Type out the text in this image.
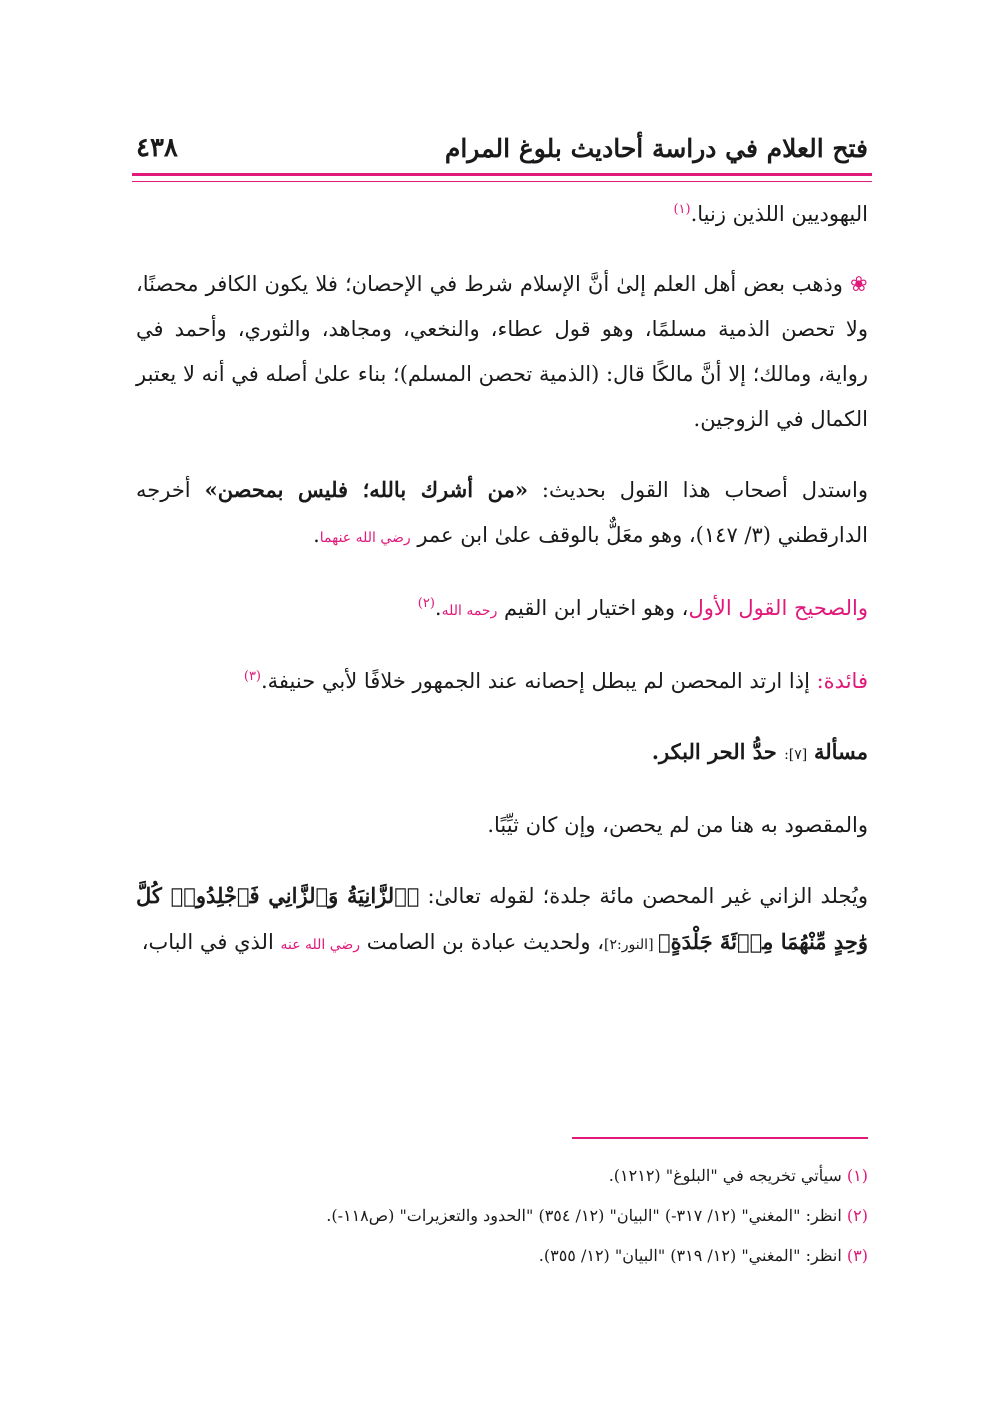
٤٣٨	فتح العلام في دراسة أحاديث بلوغ المرام

اليهوديين اللذين زنيا.$^{(١)}$

❀ وذهب بعض أهل العلم إلىٰ أنَّ الإسلام شرط في الإحصان؛ فلا يكون الكافر محصنًا، ولا تحصن الذمية مسلمًا، وهو قول عطاء، والنخعي، ومجاهد، والثوري، وأحمد في رواية، ومالك؛ إلا أنَّ مالكًا قال: (الذمية تحصن المسلم)؛ بناء علىٰ أصله في أنه لا يعتبر الكمال في الزوجين.

واستدل أصحاب هذا القول بحديث: «من أشرك بالله؛ فليس بمحصن» أخرجه الدارقطني (٣/ ١٤٧)، وهو معَلٌّ بالوقف علىٰ ابن عمر رضي الله عنهما.

والصحيح القول الأول، وهو اختيار ابن القيم رحمه الله.$^{(٢)}$

فائدة: إذا ارتد المحصن لم يبطل إحصانه عند الجمهور خلافًا لأبي حنيفة.$^{(٣)}$

مسألة [٧]: حدُّ الحر البكر.

والمقصود به هنا من لم يحصن، وإن كان ثيِّبًا.

ويُجلد الزاني غير المحصن مائة جلدة؛ لقوله تعالىٰ: ﴿ٱلزَّانِيَةُ وَٱلزَّانِي فَٱجْلِدُوا۟ كُلَّ وَٰحِدٍ مِّنْهُمَا مِا۟ئَةَ جَلْدَةٍ﴾ [النور:٢]، ولحديث عبادة بن الصامت رضي الله عنه الذي في الباب،

(١) سيأتي تخريجه في "البلوغ" (١٢١٢).
(٢) انظر: "المغني" (١٢/ ٣١٧-) "البيان" (١٢/ ٣٥٤) "الحدود والتعزيرات" (ص١١٨-).
(٣) انظر: "المغني" (١٢/ ٣١٩) "البيان" (١٢/ ٣٥٥).
